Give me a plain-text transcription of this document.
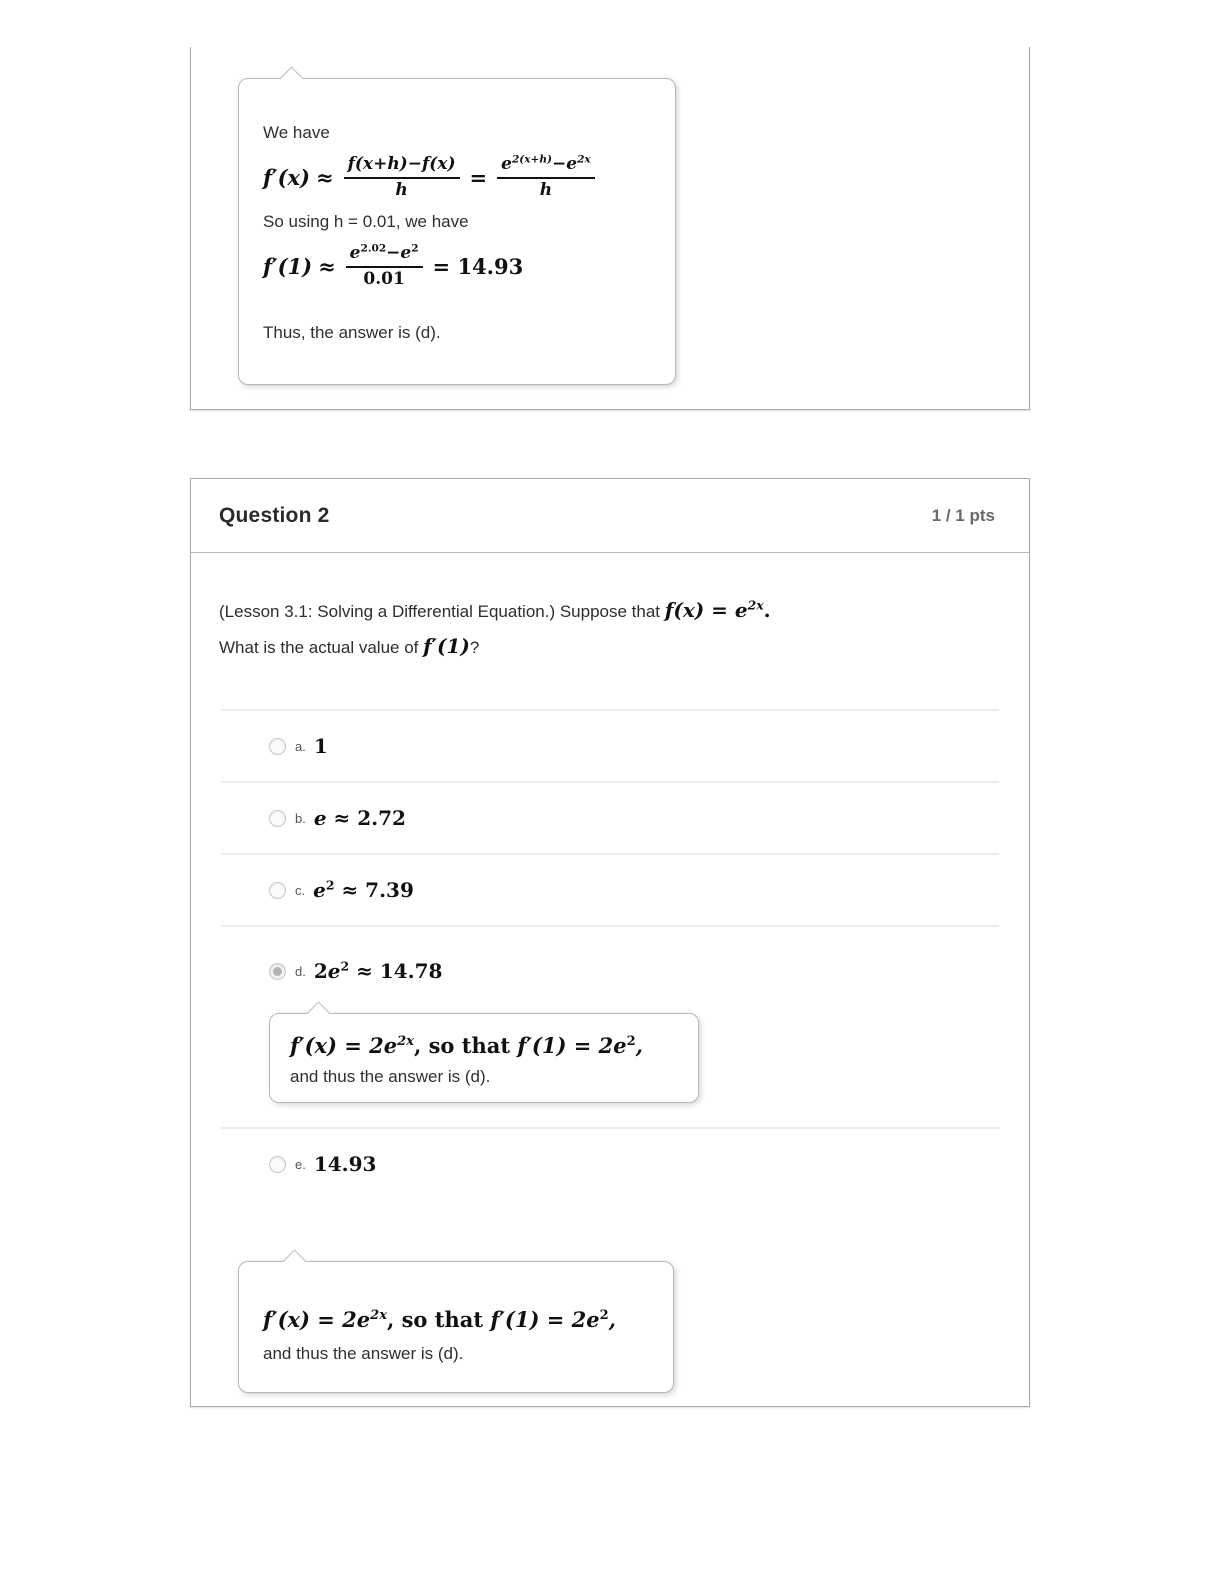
We have
$f'(x) \approx \frac{f(x+h)-f(x)}{h} = \frac{e^{2(x+h)}-e^{2x}}{h}$
So using h = 0.01, we have
$f'(1) \approx \frac{e^{2.02}-e^2}{0.01} = 14.93$
Thus, the answer is (d).
Question 2	1 / 1 pts
(Lesson 3.1: Solving a Differential Equation.) Suppose that $f(x) = e^{2x}$.
What is the actual value of f′(1)?
a. 1
b. e ≈ 2.72
c. $e^2 \approx 7.39$
d. $2e^2 \approx 14.78$
$f'(x) = 2e^{2x}$, so that $f'(1) = 2e^2$,
and thus the answer is (d).
e. 14.93
$f'(x) = 2e^{2x}$, so that $f'(1) = 2e^2$,
and thus the answer is (d).
